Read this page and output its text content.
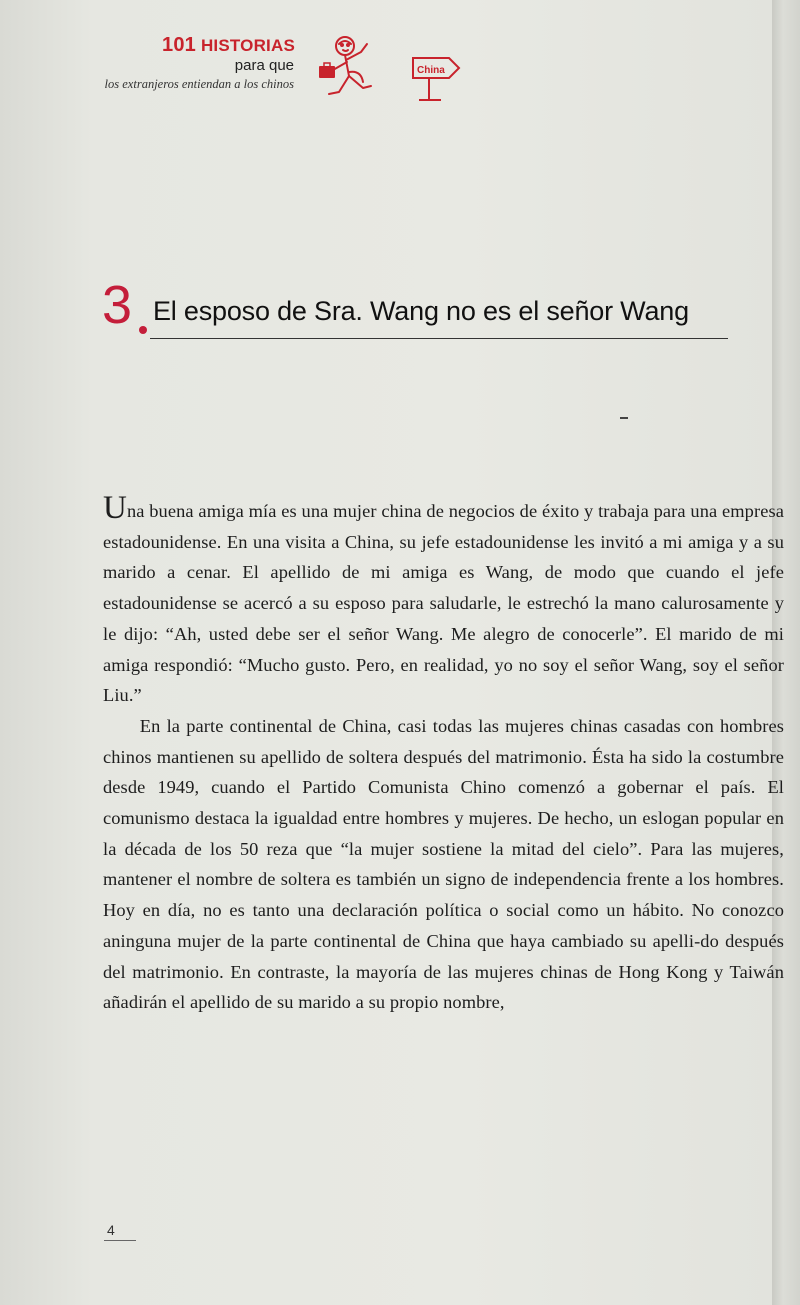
101 HISTORIAS
para que
los extranjeros entiendan a los chinos
China
3 El esposo de Sra. Wang no es el señor Wang

Una buena amiga mía es una mujer china de negocios de éxito y trabaja para una empresa estadounidense. En una visita a China, su jefe estadounidense les invitó a mi amiga y a su marido a cenar. El apellido de mi amiga es Wang, de modo que cuando el jefe estadounidense se acercó a su esposo para saludarle, le estrechó la mano calurosamente y le dijo: “Ah, usted debe ser el señor Wang. Me alegro de conocerle”. El marido de mi amiga respondió: “Mucho gusto. Pero, en realidad, yo no soy el señor Wang, soy el señor Liu.”

En la parte continental de China, casi todas las mujeres chinas casadas con hombres chinos mantienen su apellido de soltera después del matrimonio. Ésta ha sido la costumbre desde 1949, cuando el Partido Comunista Chino comenzó a gobernar el país. El comunismo destaca la igualdad entre hombres y mujeres. De hecho, un eslogan popular en la década de los 50 reza que “la mujer sostiene la mitad del cielo”. Para las mujeres, mantener el nombre de soltera es también un signo de independencia frente a los hombres. Hoy en día, no es tanto una declaración política o social como un hábito. No conozco aninguna mujer de la parte continental de China que haya cambiado su apelli-do después del matrimonio. En contraste, la mayoría de las mujeres chinas de Hong Kong y Taiwán añadirán el apellido de su marido a su propio nombre,

4
